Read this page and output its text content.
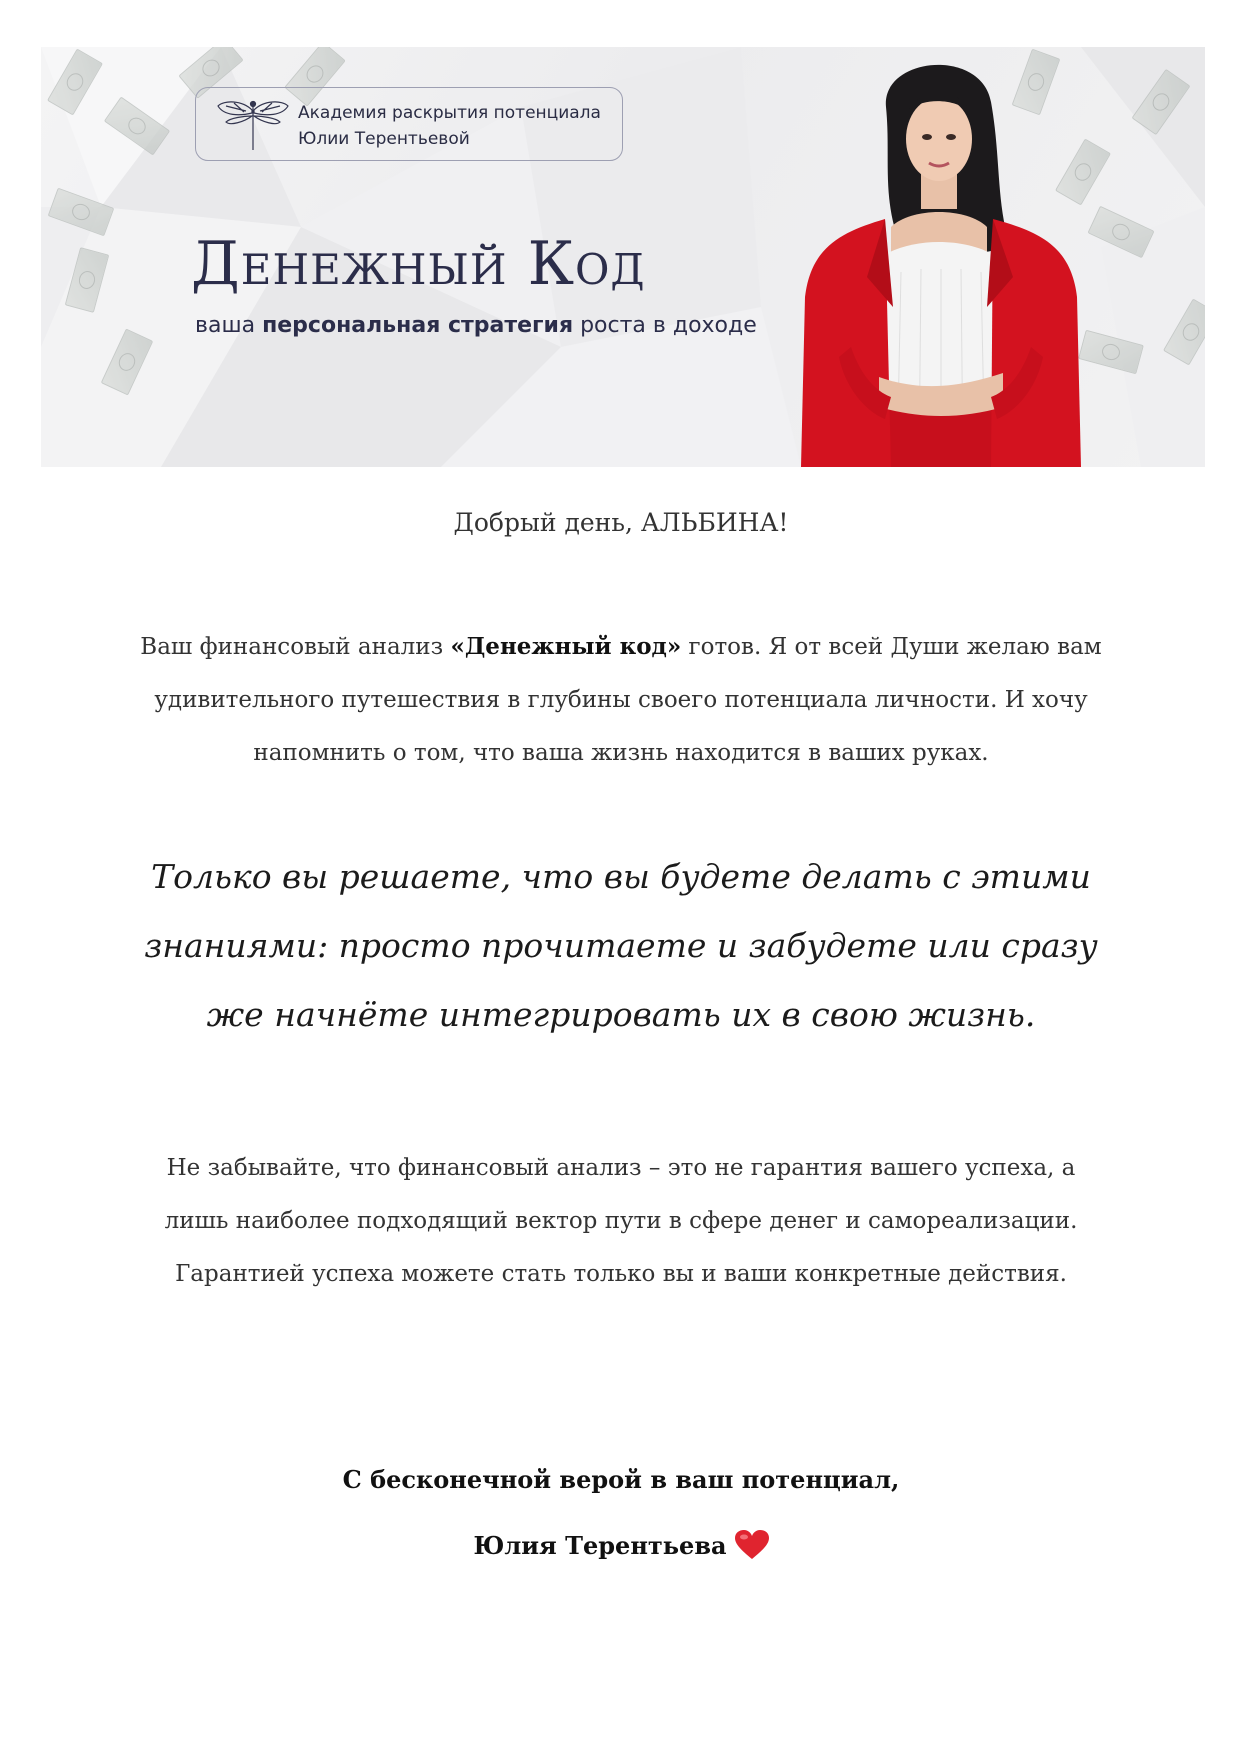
Академия раскрытия потенциала
Юлии Терентьевой
Денежный Код
ваша персональная стратегия роста в доходе
Добрый день, АЛЬБИНА!
Ваш финансовый анализ «Денежный код» готов. Я от всей Души желаю вам удивительного путешествия в глубины своего потенциала личности. И хочу напомнить о том, что ваша жизнь находится в ваших руках.
Только вы решаете, что вы будете делать с этими знаниями: просто прочитаете и забудете или сразу же начнёте интегрировать их в свою жизнь.
Не забывайте, что финансовый анализ – это не гарантия вашего успеха, а лишь наиболее подходящий вектор пути в сфере денег и самореализации. Гарантией успеха можете стать только вы и ваши конкретные действия.
С бесконечной верой в ваш потенциал,
Юлия Терентьева
